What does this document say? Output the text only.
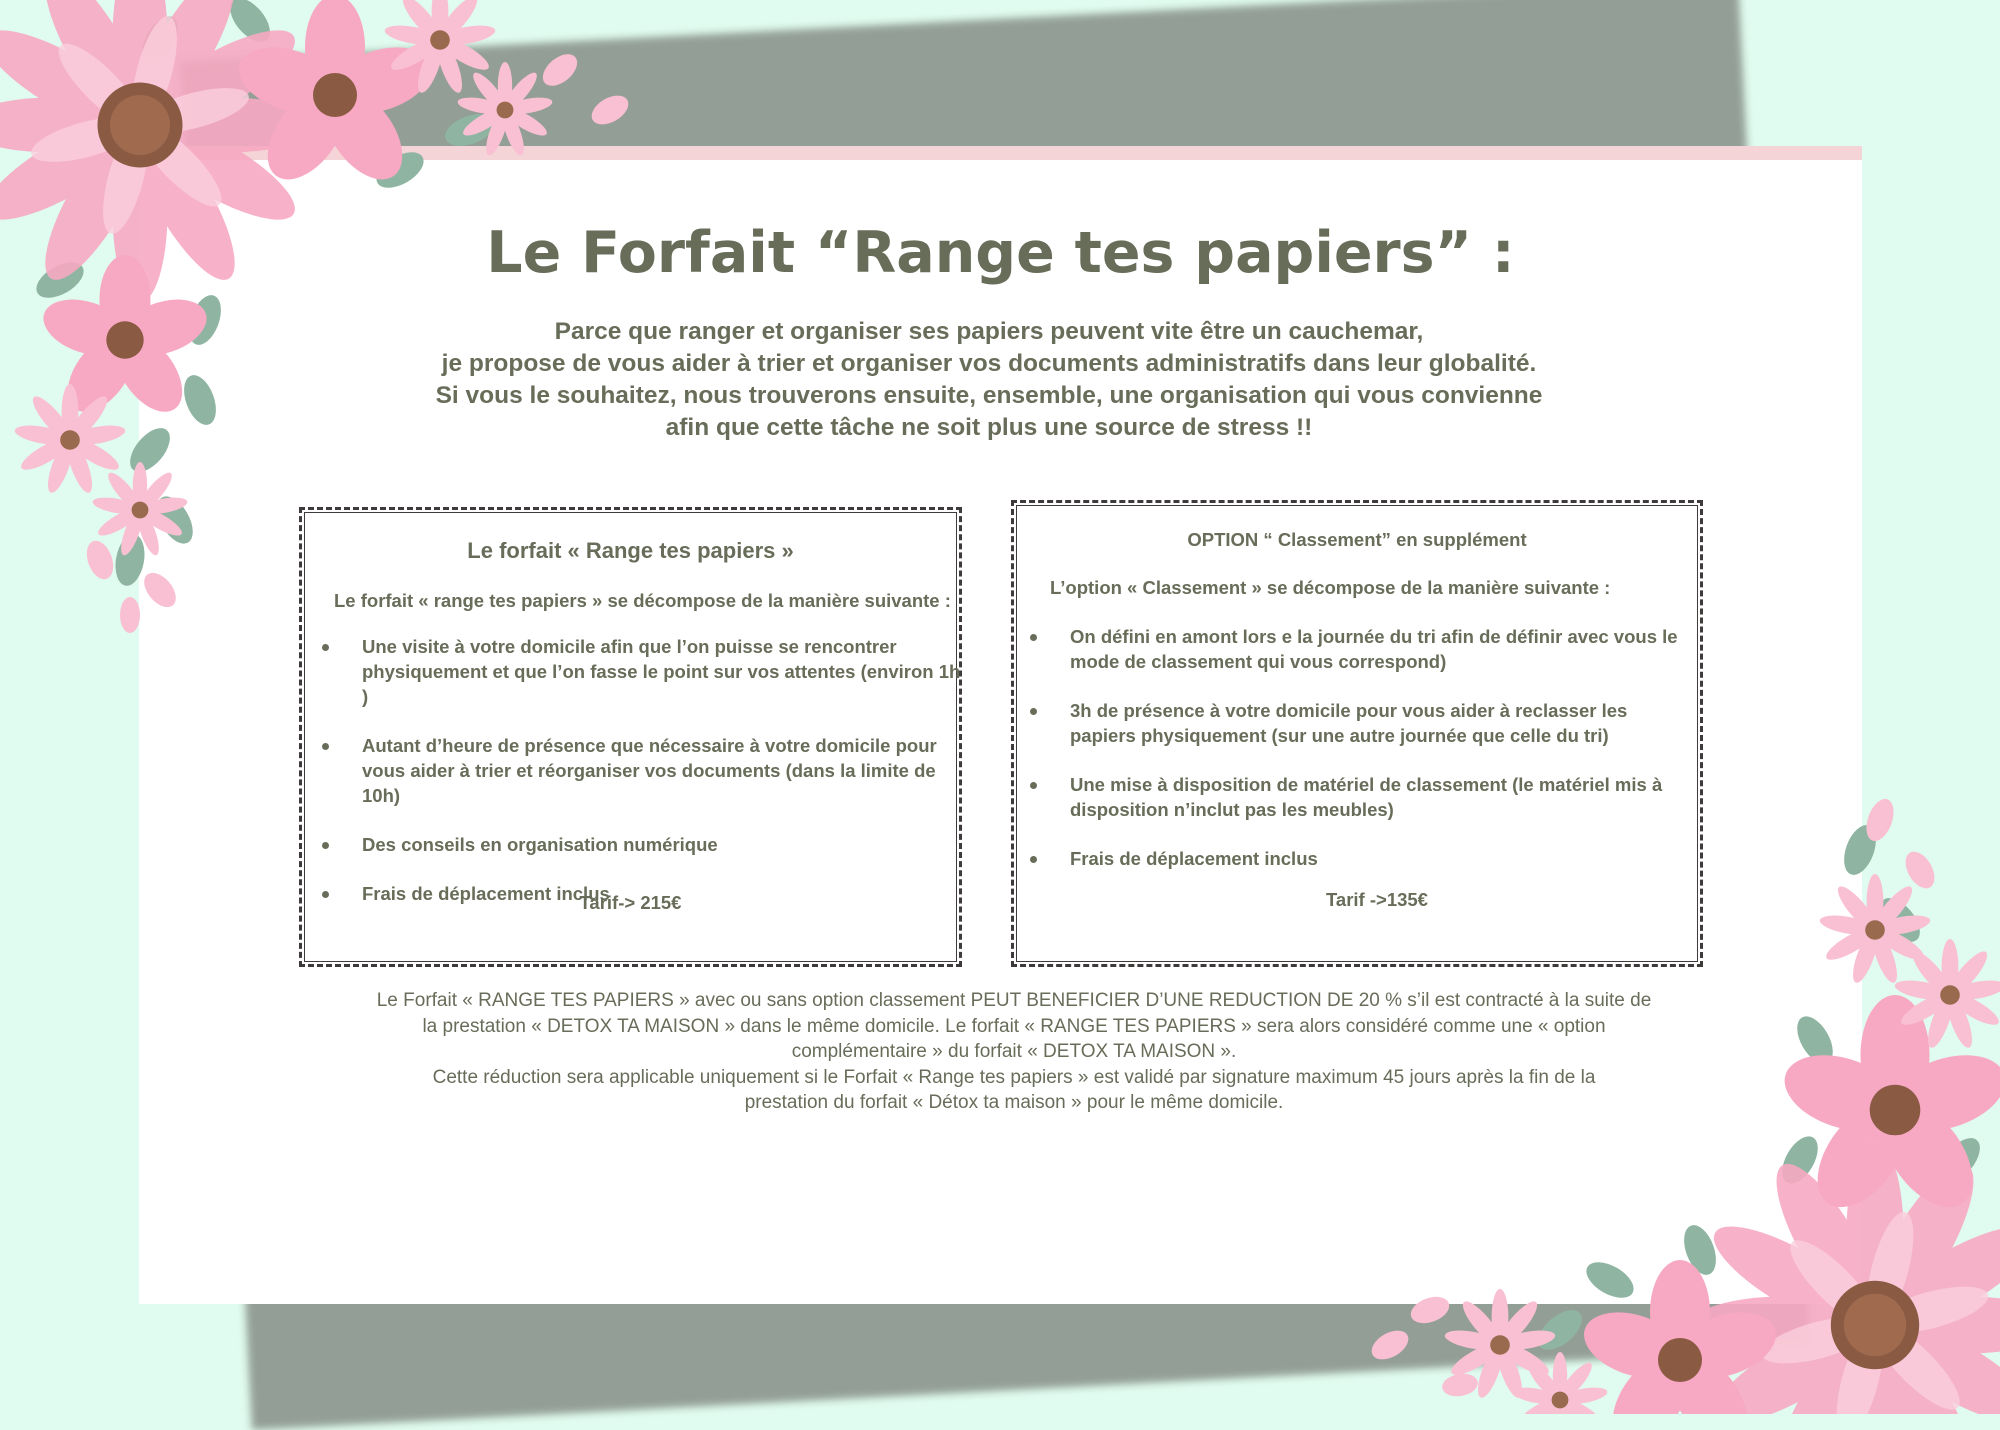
Le Forfait “Range tes papiers” :
Parce que ranger et organiser ses papiers peuvent vite être un cauchemar,
je propose de vous aider à trier et organiser vos documents administratifs dans leur globalité.
Si vous le souhaitez, nous trouverons ensuite, ensemble, une organisation qui vous convienne
afin que cette tâche ne soit plus une source de stress !!
Le forfait « Range tes papiers »
Le forfait « range tes papiers » se décompose de la manière suivante :
Une visite à votre domicile afin que l’on puisse se rencontrer physiquement et que l’on fasse le point sur vos attentes (environ 1h )
Autant d’heure de présence que nécessaire à votre domicile pour vous aider à trier et réorganiser vos documents (dans la limite de 10h)
Des conseils en organisation numérique
Frais de déplacement inclus
Tarif-> 215€
OPTION “ Classement” en supplément
L’option « Classement » se décompose de la manière suivante :
On défini en amont lors e la journée du tri afin de définir avec vous le mode de classement qui vous correspond)
3h de présence à votre domicile pour vous aider à reclasser les papiers physiquement (sur une autre journée que celle du tri)
Une mise à disposition de matériel de classement (le matériel mis à disposition n’inclut pas les meubles)
Frais de déplacement inclus
Tarif ->135€
Le Forfait « RANGE TES PAPIERS » avec ou sans option classement PEUT BENEFICIER D’UNE REDUCTION DE 20 % s’il est contracté à la suite de
la prestation « DETOX TA MAISON » dans le même domicile. Le forfait « RANGE TES PAPIERS » sera alors considéré comme une « option
complémentaire » du forfait « DETOX TA MAISON ».
Cette réduction sera applicable uniquement si le Forfait « Range tes papiers » est validé par signature maximum 45 jours après la fin de la
prestation du forfait « Détox ta maison » pour le même domicile.
